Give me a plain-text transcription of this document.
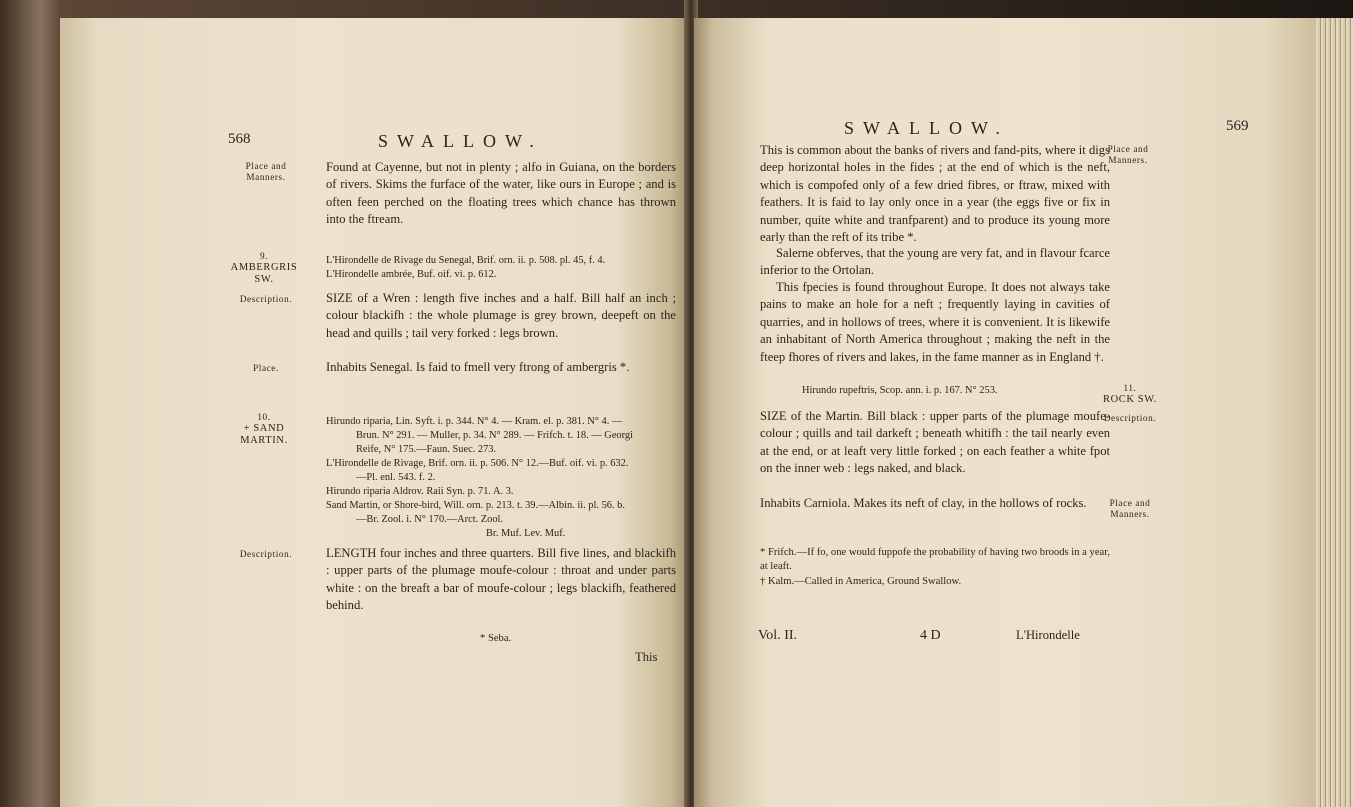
568	SWALLOW.
Place and Manners.
Found at Cayenne, but not in plenty ; alfo in Guiana, on the borders of rivers. Skims the furface of the water, like ours in Europe ; and is often feen perched on the floating trees which chance has thrown into the ftream.
9.
AMBERGRIS
SW.
L'Hirondelle de Rivage du Senegal, Brif. orn. ii. p. 508. pl. 45, f. 4.
L'Hirondelle ambrée, Buf. oif. vi. p. 612.
Description.	SIZE of a Wren : length five inches and a half. Bill half an inch ; colour blackifh : the whole plumage is grey brown, deepeft on the head and quills ; tail very forked : legs brown.
Place.	Inhabits Senegal. Is faid to fmell very ftrong of ambergris *.
10.
+ SAND
MARTIN.
Hirundo riparia, Lin. Syft. i. p. 344. N° 4. — Kram. el. p. 381. N° 4. —
Brun. N° 291. — Muller, p. 34. N° 289. — Frifch. t. 18. — Georgi
Reife, N° 175.—Faun. Suec. 273.
L'Hirondelle de Rivage, Brif. orn. ii. p. 506. N° 12.—Buf. oif. vi. p. 632.
—Pl. enl. 543. f. 2.
Hirundo riparia Aldrov. Raii Syn. p. 71. A. 3.
Sand Martin, or Shore-bird, Will. orn. p. 213. t. 39.—Albin. ii. pl. 56. b.
—Br. Zool. i. N° 170.—Arct. Zool.
Br. Muf. Lev. Muf.
Description.	LENGTH four inches and three quarters. Bill five lines, and blackifh : upper parts of the plumage moufe-colour : throat and under parts white : on the breaft a bar of moufe-colour ; legs blackifh, feathered behind.
* Seba.
This
SWALLOW.	569
This is common about the banks of rivers and fand-pits, where it digs deep horizontal holes in the fides ; at the end of which is the neft, which is compofed only of a few dried fibres, or ftraw, mixed with feathers. It is faid to lay only once in a year (the eggs five or fix in number, quite white and tranfparent) and to produce its young more early than the reft of its tribe *.
Place and Manners.
Salerne obferves, that the young are very fat, and in flavour fcarce inferior to the Ortolan.
This fpecies is found throughout Europe. It does not always take pains to make an hole for a neft ; frequently laying in cavities of quarries, and in hollows of trees, where it is convenient. It is likewife an inhabitant of North America throughout ; making the neft in the fteep fhores of rivers and lakes, in the fame manner as in England †.
Hirundo rupeftris, Scop. ann. i. p. 167. N° 253.	11.
ROCK SW.
SIZE of the Martin. Bill black : upper parts of the plumage moufe-colour ; quills and tail darkeft ; beneath whitifh : the tail nearly even at the end, or at leaft very little forked ; on each feather a white fpot on the inner web : legs naked, and black.
Description.
Inhabits Carniola. Makes its neft of clay, in the hollows of rocks.	Place and Manners.
* Frifch.—If fo, one would fuppofe the probability of having two broods in a year, at leaft.
† Kalm.—Called in America, Ground Swallow.
Vol. II.	4 D	L'Hirondelle
